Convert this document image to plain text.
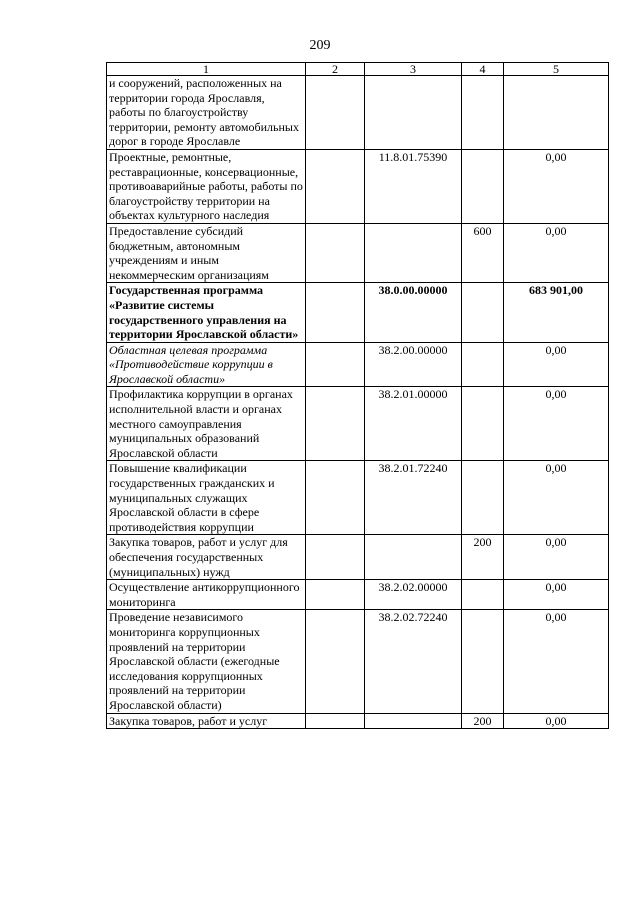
209
1	2	3	4	5
и сооружений, расположенных на территории города Ярославля, работы по благоустройству территории, ремонту автомобильных дорог в городе Ярославле				
Проектные, ремонтные, реставрационные, консервационные, противоаварийные работы, работы по благоустройству территории на объектах культурного наследия		11.8.01.75390		0,00
Предоставление субсидий бюджетным, автономным учреждениям и иным некоммерческим организациям			600	0,00
Государственная программа «Развитие системы государственного управления на территории Ярославской области»		38.0.00.00000		683 901,00
Областная целевая программа «Противодействие коррупции в Ярославской области»		38.2.00.00000		0,00
Профилактика коррупции в органах исполнительной власти и органах местного самоуправления муниципальных образований Ярославской области		38.2.01.00000		0,00
Повышение квалификации государственных гражданских и муниципальных служащих Ярославской области в сфере противодействия коррупции		38.2.01.72240		0,00
Закупка товаров, работ и услуг для обеспечения государственных (муниципальных) нужд			200	0,00
Осуществление антикоррупционного мониторинга		38.2.02.00000		0,00
Проведение независимого мониторинга коррупционных проявлений на территории Ярославской области (ежегодные исследования коррупционных проявлений на территории Ярославской области)		38.2.02.72240		0,00
Закупка товаров, работ и услуг			200	0,00
